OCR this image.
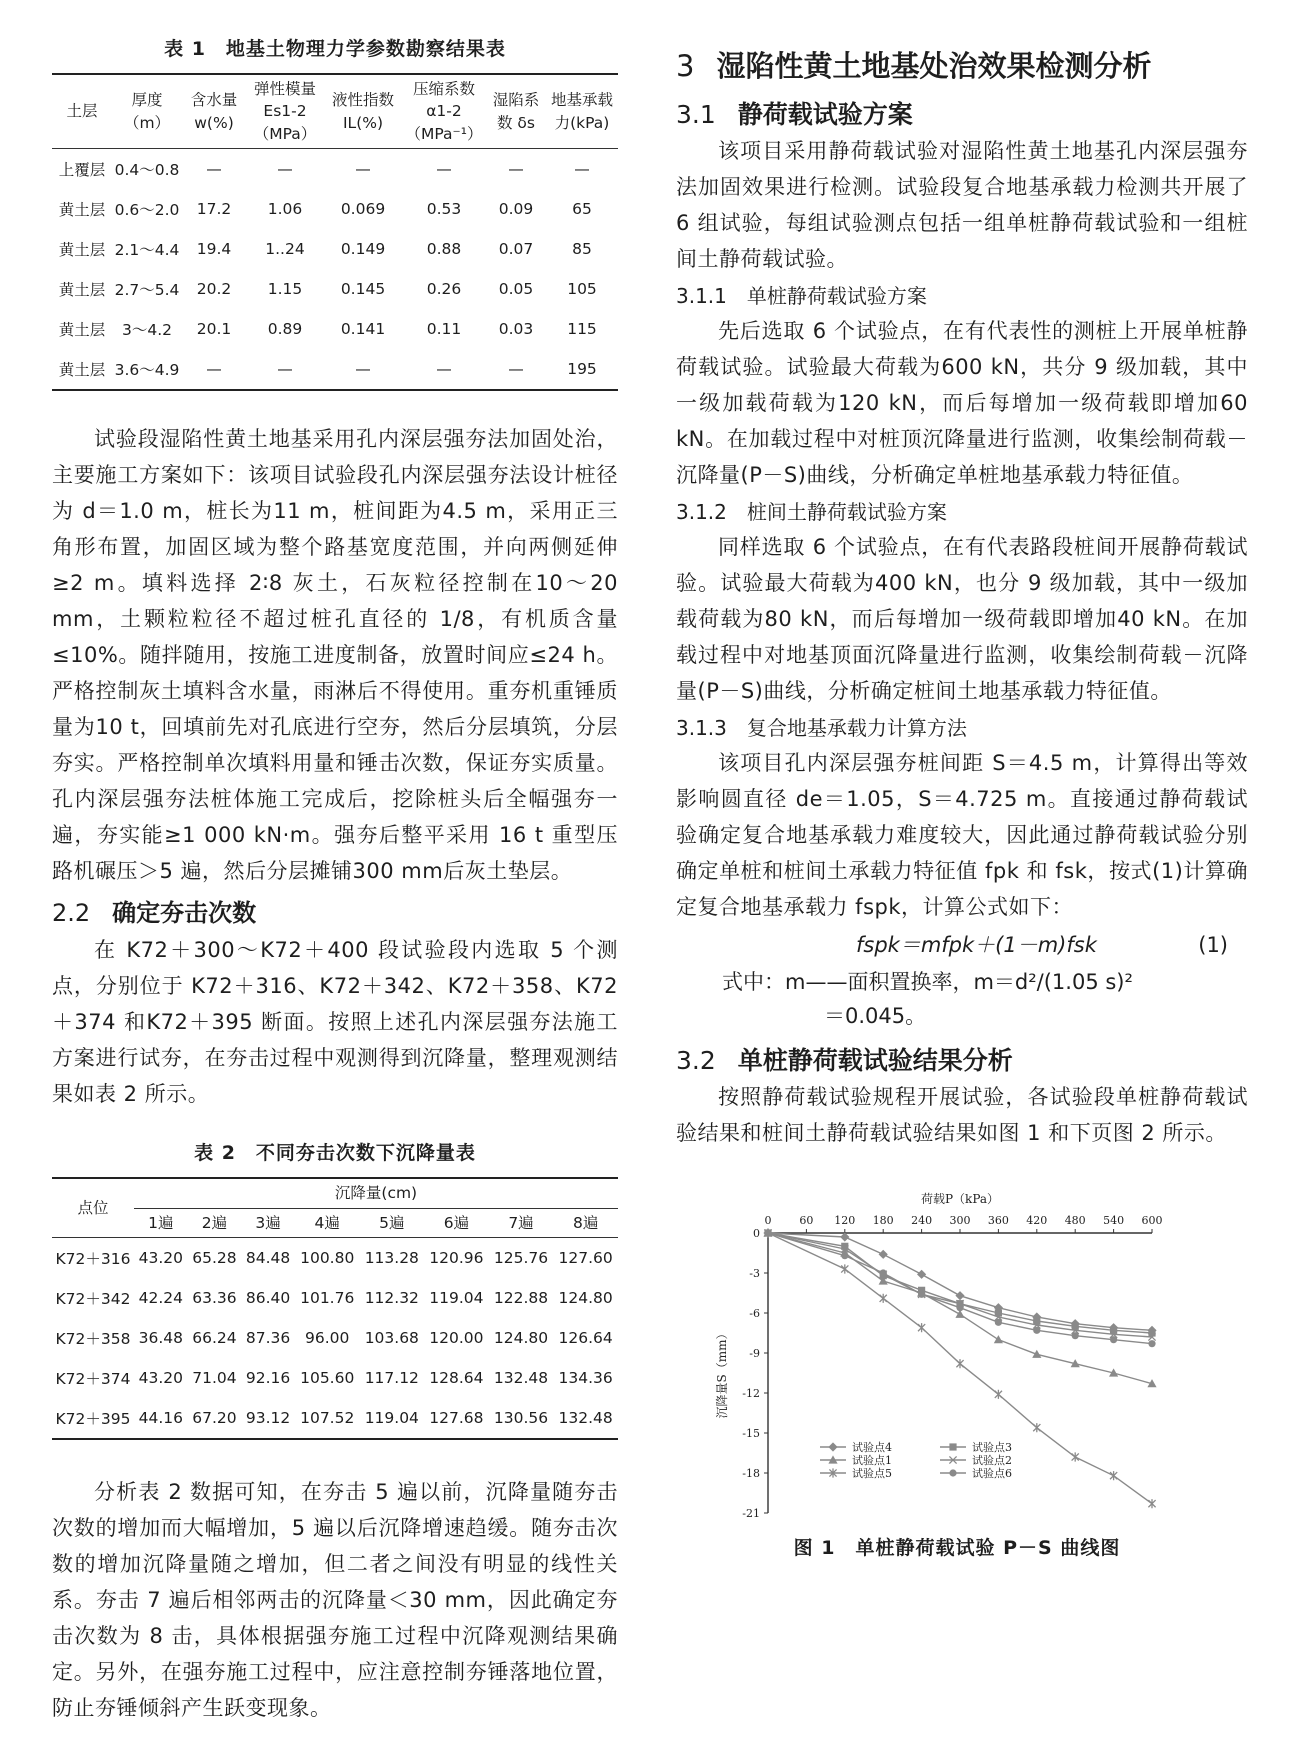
表 1　地基土物理力学参数勘察结果表
土层	厚度（m）	含水量 w(%)	弹性模量 Es1-2（MPa）	液性指数 IL(%)	压缩系数 α1-2（MPa⁻¹）	湿陷系数 δs	地基承载力(kPa)
上覆层	0.4～0.8	—	—	—	—	—	—
黄土层	0.6～2.0	17.2	1.06	0.069	0.53	0.09	65
黄土层	2.1～4.4	19.4	1..24	0.149	0.88	0.07	85
黄土层	2.7～5.4	20.2	1.15	0.145	0.26	0.05	105
黄土层	3～4.2	20.1	0.89	0.141	0.11	0.03	115
黄土层	3.6～4.9	—	—	—	—	—	195

试验段湿陷性黄土地基采用孔内深层强夯法加固处治，主要施工方案如下：该项目试验段孔内深层强夯法设计桩径为 d＝1.0 m，桩长为11 m，桩间距为4.5 m，采用正三角形布置，加固区域为整个路基宽度范围，并向两侧延伸≥2 m。填料选择 2∶8 灰土，石灰粒径控制在10～20 mm，土颗粒粒径不超过桩孔直径的 1/8，有机质含量≤10%。随拌随用，按施工进度制备，放置时间应≤24 h。严格控制灰土填料含水量，雨淋后不得使用。重夯机重锤质量为10 t，回填前先对孔底进行空夯，然后分层填筑，分层夯实。严格控制单次填料用量和锤击次数，保证夯实质量。孔内深层强夯法桩体施工完成后，挖除桩头后全幅强夯一遍，夯实能≥1 000 kN·m。强夯后整平采用 16 t 重型压路机碾压＞5 遍，然后分层摊铺300 mm后灰土垫层。

2.2 确定夯击次数

在 K72＋300～K72＋400 段试验段内选取 5 个测点，分别位于 K72＋316、K72＋342、K72＋358、K72＋374 和K72＋395 断面。按照上述孔内深层强夯法施工方案进行试夯，在夯击过程中观测得到沉降量，整理观测结果如表 2 所示。

表 2　不同夯击次数下沉降量表
点位	沉降量(cm)							
	1遍	2遍	3遍	4遍	5遍	6遍	7遍	8遍
K72＋316	43.20	65.28	84.48	100.80	113.28	120.96	125.76	127.60
K72＋342	42.24	63.36	86.40	101.76	112.32	119.04	122.88	124.80
K72＋358	36.48	66.24	87.36	96.00	103.68	120.00	124.80	126.64
K72＋374	43.20	71.04	92.16	105.60	117.12	128.64	132.48	134.36
K72＋395	44.16	67.20	93.12	107.52	119.04	127.68	130.56	132.48

分析表 2 数据可知，在夯击 5 遍以前，沉降量随夯击次数的增加而大幅增加，5 遍以后沉降增速趋缓。随夯击次数的增加沉降量随之增加，但二者之间没有明显的线性关系。夯击 7 遍后相邻两击的沉降量＜30 mm，因此确定夯击次数为 8 击，具体根据强夯施工过程中沉降观测结果确定。另外，在强夯施工过程中，应注意控制夯锤落地位置，防止夯锤倾斜产生跃变现象。

3 湿陷性黄土地基处治效果检测分析
3.1 静荷载试验方案

该项目采用静荷载试验对湿陷性黄土地基孔内深层强夯法加固效果进行检测。试验段复合地基承载力检测共开展了 6 组试验，每组试验测点包括一组单桩静荷载试验和一组桩间土静荷载试验。

3.1.1　单桩静荷载试验方案

先后选取 6 个试验点，在有代表性的测桩上开展单桩静荷载试验。试验最大荷载为600 kN，共分 9 级加载，其中一级加载荷载为120 kN，而后每增加一级荷载即增加60 kN。在加载过程中对桩顶沉降量进行监测，收集绘制荷载－沉降量(P－S)曲线，分析确定单桩地基承载力特征值。

3.1.2　桩间土静荷载试验方案

同样选取 6 个试验点，在有代表路段桩间开展静荷载试验。试验最大荷载为400 kN，也分 9 级加载，其中一级加载荷载为80 kN，而后每增加一级荷载即增加40 kN。在加载过程中对地基顶面沉降量进行监测，收集绘制荷载－沉降量(P－S)曲线，分析确定桩间土地基承载力特征值。

3.1.3　复合地基承载力计算方法

该项目孔内深层强夯桩间距 S＝4.5 m，计算得出等效影响圆直径 de＝1.05，S＝4.725 m。直接通过静荷载试验确定复合地基承载力难度较大，因此通过静荷载试验分别确定单桩和桩间土承载力特征值 fpk 和 fsk，按式(1)计算确定复合地基承载力 fspk，计算公式如下：

fspk＝mfpk＋(1－m)fsk	(1)
式中：m——面积置换率，m＝d²/(1.05 s)²
＝0.045。
3.2 单桩静荷载试验结果分析

按照静荷载试验规程开展试验，各试验段单桩静荷载试验结果和桩间土静荷载试验结果如图 1 和下页图 2 所示。

荷载P（kPa）
0	60 120 180 240 300 360 420 480 540 600
0
-3
-6
-9
-12
-15
-18
-21
沉降量S（mm）
试验点4	试验点3
试验点1	试验点2
试验点5	试验点6
图 1　单桩静荷载试验 P－S 曲线图
